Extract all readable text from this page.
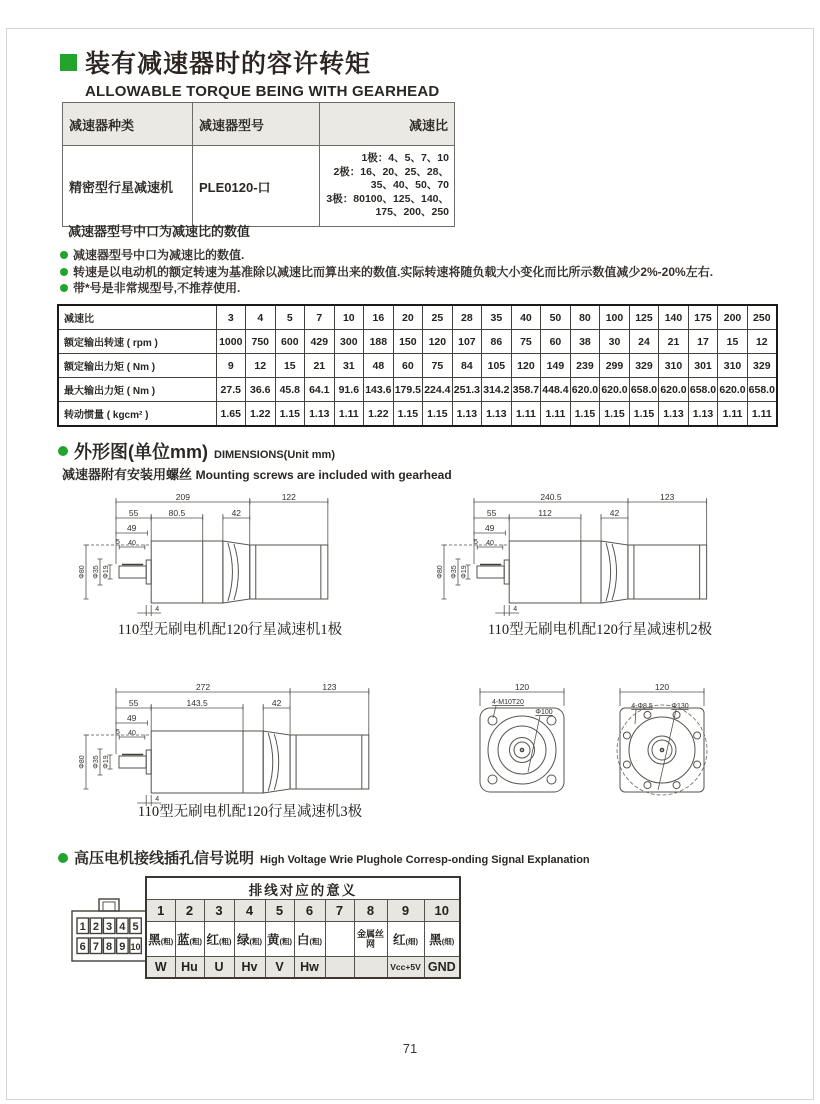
装有减速器时的容许转矩
ALLOWABLE TORQUE BEING WITH GEARHEAD
减速器种类	减速器型号	减速比
精密型行星减速机	PLE0120-口	1极：4、5、7、10
2极：16、20、25、28、
35、40、50、70
3极：80100、125、140、
175、200、250
减速器型号中口为减速比的数值
减速器型号中口为减速比的数值.
转速是以电动机的额定转速为基准除以减速比而算出来的数值.实际转速将随负载大小变化而比所示数值减少2%-20%左右.
带*号是非常规型号,不推荐使用.
减速比	3	4	5	7	10	16	20	25	28	35	40	50	80	100	125	140	175	200	250
额定输出转速 ( rpm )	1000	750	600	429	300	188	150	120	107	86	75	60	38	30	24	21	17	15	12
额定输出力矩 ( Nm )	9	12	15	21	31	48	60	75	84	105	120	149	239	299	329	310	301	310	329
最大输出力矩 ( Nm )	27.5	36.6	45.8	64.1	91.6	143.6	179.5	224.4	251.3	314.2	358.7	448.4	620.0	620.0	658.0	620.0	658.0	620.0	658.0
转动惯量 ( kgcm² )	1.65	1.22	1.15	1.13	1.11	1.22	1.15	1.15	1.13	1.13	1.11	1.11	1.15	1.15	1.15	1.13	1.13	1.11	1.11
外形图(单位mm) DIMENSIONS(Unit mm)
减速器附有安装用螺丝 Mounting screws are included with gearhead
209	122
55	80.5	42
49
5 40
Φ80 Φ35 Φ19
4
110型无刷电机配120行星减速机1极
240.5	123
55	112	42
49
5 40
Φ80 Φ35 Φ19
4
110型无刷电机配120行星减速机2极
272	123
55	143.5	42
49
5 40
Φ80 Φ35 Φ19
4
110型无刷电机配120行星减速机3极
120
4-M10T20
Φ100
120
4-Φ8.5	Φ130
高压电机接线插孔信号说明 High Voltage Wrie Plughole Corresp-onding Signal Explanation
1 2 3 4 5
6 7 8 9 10
排线对应的意义									
1	2	3	4	5	6	7	8	9	10
黑(粗)	蓝(粗)	红(粗)	绿(粗)	黄(粗)	白(粗)		金属丝网	红(细)	黑(细)
W	Hu	U	Hv	V	Hw			Vcc+5V	GND
71
